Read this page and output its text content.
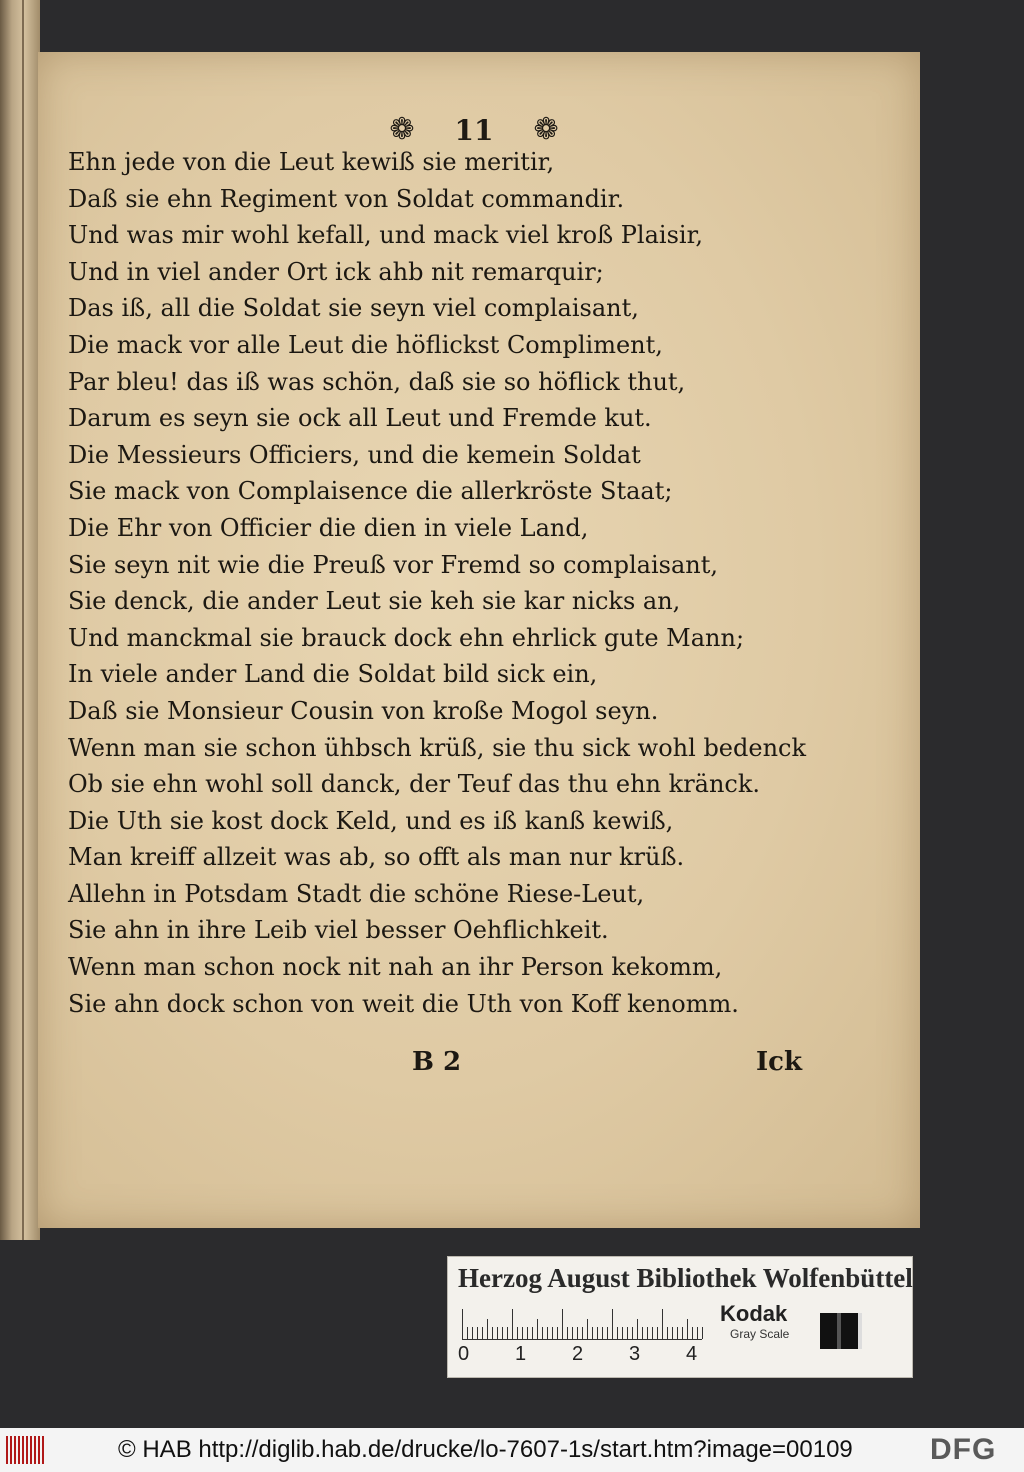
❁ 11 ❁
Ehn jede von die Leut kewiß sie meritir,
Daß sie ehn Regiment von Soldat commandir.
Und was mir wohl kefall, und mack viel kroß Plaisir,
Und in viel ander Ort ick ahb nit remarquir;
Das iß, all die Soldat sie seyn viel complaisant,
Die mack vor alle Leut die höflickst Compliment,
Par bleu! das iß was schön, daß sie so höflick thut,
Darum es seyn sie ock all Leut und Fremde kut.
Die Messieurs Officiers, und die kemein Soldat
Sie mack von Complaisence die allerkröste Staat;
Die Ehr von Officier die dien in viele Land,
Sie seyn nit wie die Preuß vor Fremd so complaisant,
Sie denck, die ander Leut sie keh sie kar nicks an,
Und manckmal sie brauck dock ehn ehrlick gute Mann;
In viele ander Land die Soldat bild sick ein,
Daß sie Monsieur Cousin von kroße Mogol seyn.
Wenn man sie schon ühbsch krüß, sie thu sick wohl bedenck
Ob sie ehn wohl soll danck, der Teuf das thu ehn kränck.
Die Uth sie kost dock Keld, und es iß kanß kewiß,
Man kreiff allzeit was ab, so offt als man nur krüß.
Allehn in Potsdam Stadt die schöne Riese-Leut,
Sie ahn in ihre Leib viel besser Oehflichkeit.
Wenn man schon nock nit nah an ihr Person kekomm,
Sie ahn dock schon von weit die Uth von Koff kenomm.
B 2	Ick
Herzog August Bibliothek Wolfenbüttel
0 1 2 3 4
Kodak
Gray Scale
© HAB http://diglib.hab.de/drucke/lo-7607-1s/start.htm?image=00109	DFG
